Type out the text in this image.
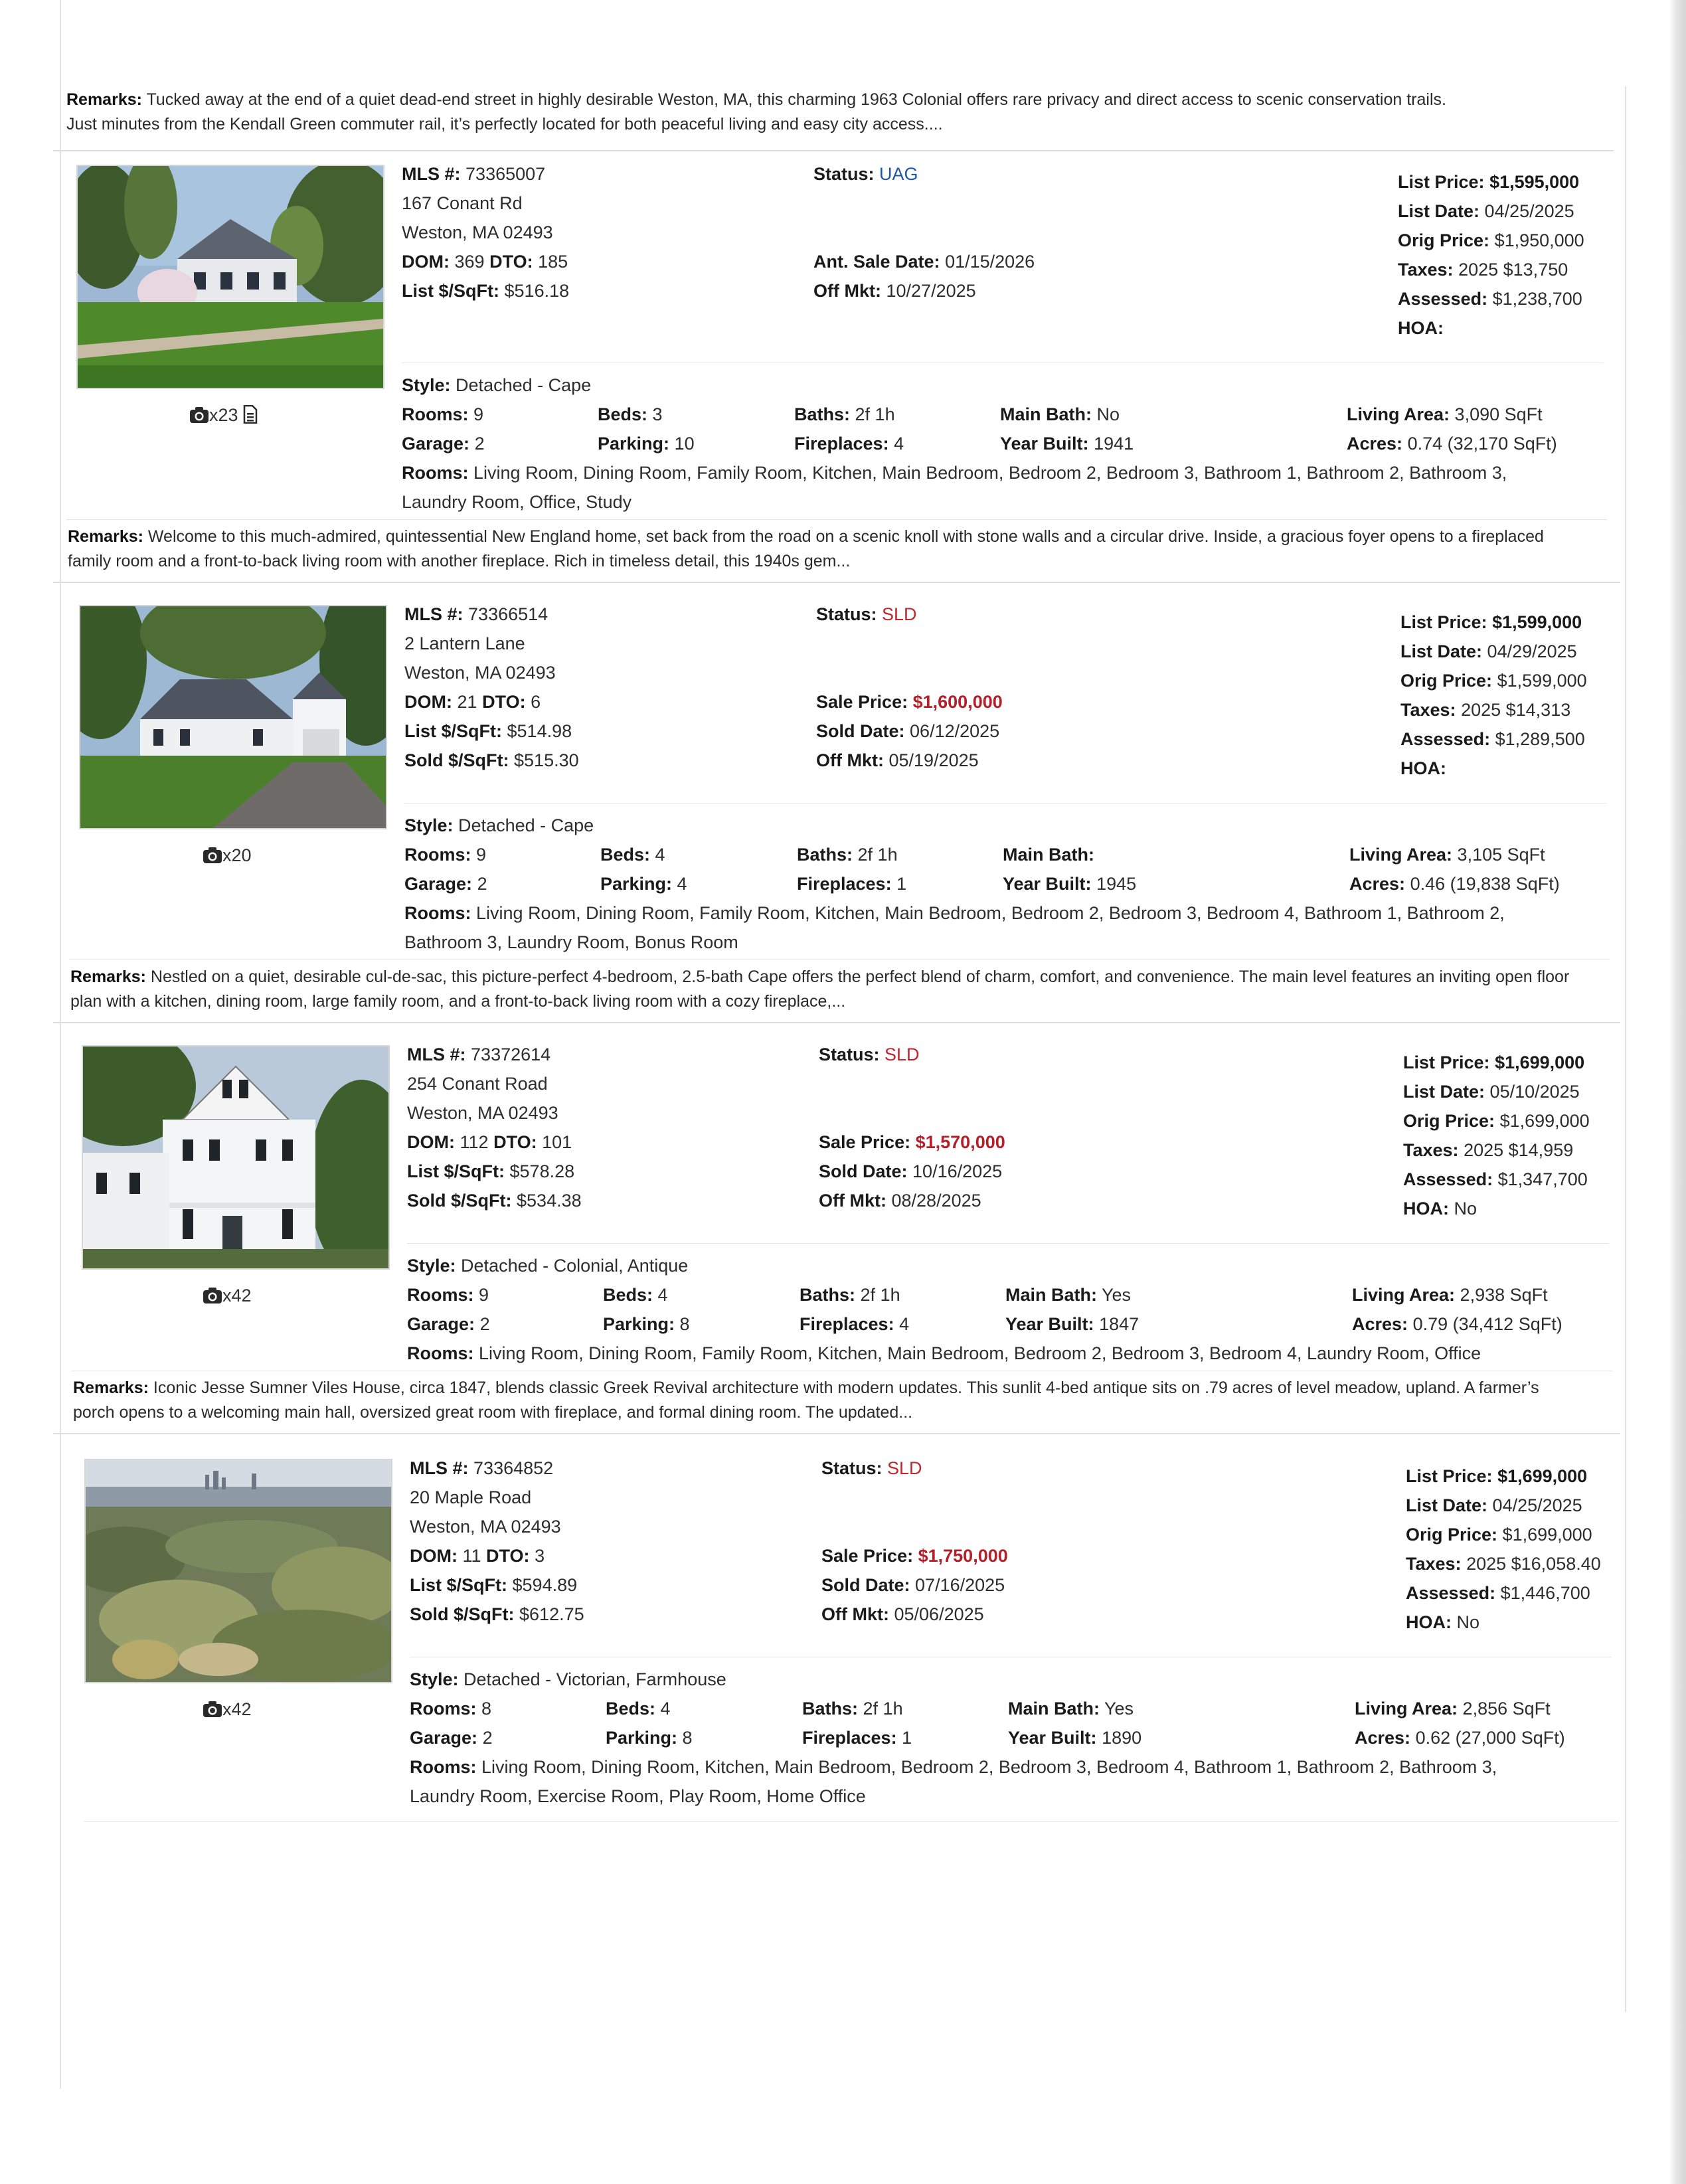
Remarks: Tucked away at the end of a quiet dead-end street in highly desirable Weston, MA, this charming 1963 Colonial offers rare privacy and direct access to scenic conservation trails. Just minutes from the Kendall Green commuter rail, it’s perfectly located for both peaceful living and easy city access....
x23
MLS #: 73365007
167 Conant Rd
Weston, MA 02493
DOM: 369 DTO: 185
List $/SqFt: $516.18
Status: UAG
Ant. Sale Date: 01/15/2026
Off Mkt: 10/27/2025
List Price: $1,595,000
List Date: 04/25/2025
Orig Price: $1,950,000
Taxes: 2025 $13,750
Assessed: $1,238,700
HOA:
Style: Detached - Cape
Rooms: 9	Beds: 3	Baths: 2f 1h	Main Bath: No	Living Area: 3,090 SqFt
Garage: 2	Parking: 10	Fireplaces: 4	Year Built: 1941	Acres: 0.74 (32,170 SqFt)
Rooms: Living Room, Dining Room, Family Room, Kitchen, Main Bedroom, Bedroom 2, Bedroom 3, Bathroom 1, Bathroom 2, Bathroom 3,
Laundry Room, Office, Study
Remarks: Welcome to this much-admired, quintessential New England home, set back from the road on a scenic knoll with stone walls and a circular drive. Inside, a gracious foyer opens to a fireplaced family room and a front-to-back living room with another fireplace. Rich in timeless detail, this 1940s gem...
x20
MLS #: 73366514
2 Lantern Lane
Weston, MA 02493
DOM: 21 DTO: 6
List $/SqFt: $514.98
Sold $/SqFt: $515.30
Status: SLD
Sale Price: $1,600,000
Sold Date: 06/12/2025
Off Mkt: 05/19/2025
List Price: $1,599,000
List Date: 04/29/2025
Orig Price: $1,599,000
Taxes: 2025 $14,313
Assessed: $1,289,500
HOA:
Style: Detached - Cape
Rooms: 9	Beds: 4	Baths: 2f 1h	Main Bath:	Living Area: 3,105 SqFt
Garage: 2	Parking: 4	Fireplaces: 1	Year Built: 1945	Acres: 0.46 (19,838 SqFt)
Rooms: Living Room, Dining Room, Family Room, Kitchen, Main Bedroom, Bedroom 2, Bedroom 3, Bedroom 4, Bathroom 1, Bathroom 2,
Bathroom 3, Laundry Room, Bonus Room
Remarks: Nestled on a quiet, desirable cul-de-sac, this picture-perfect 4-bedroom, 2.5-bath Cape offers the perfect blend of charm, comfort, and convenience. The main level features an inviting open floor plan with a kitchen, dining room, large family room, and a front-to-back living room with a cozy fireplace,...
x42
MLS #: 73372614
254 Conant Road
Weston, MA 02493
DOM: 112 DTO: 101
List $/SqFt: $578.28
Sold $/SqFt: $534.38
Status: SLD
Sale Price: $1,570,000
Sold Date: 10/16/2025
Off Mkt: 08/28/2025
List Price: $1,699,000
List Date: 05/10/2025
Orig Price: $1,699,000
Taxes: 2025 $14,959
Assessed: $1,347,700
HOA: No
Style: Detached - Colonial, Antique
Rooms: 9	Beds: 4	Baths: 2f 1h	Main Bath: Yes	Living Area: 2,938 SqFt
Garage: 2	Parking: 8	Fireplaces: 4	Year Built: 1847	Acres: 0.79 (34,412 SqFt)
Rooms: Living Room, Dining Room, Family Room, Kitchen, Main Bedroom, Bedroom 2, Bedroom 3, Bedroom 4, Laundry Room, Office
Remarks: Iconic Jesse Sumner Viles House, circa 1847, blends classic Greek Revival architecture with modern updates. This sunlit 4-bed antique sits on .79 acres of level meadow, upland. A farmer’s porch opens to a welcoming main hall, oversized great room with fireplace, and formal dining room. The updated...
x42
MLS #: 73364852
20 Maple Road
Weston, MA 02493
DOM: 11 DTO: 3
List $/SqFt: $594.89
Sold $/SqFt: $612.75
Status: SLD
Sale Price: $1,750,000
Sold Date: 07/16/2025
Off Mkt: 05/06/2025
List Price: $1,699,000
List Date: 04/25/2025
Orig Price: $1,699,000
Taxes: 2025 $16,058.40
Assessed: $1,446,700
HOA: No
Style: Detached - Victorian, Farmhouse
Rooms: 8	Beds: 4	Baths: 2f 1h	Main Bath: Yes	Living Area: 2,856 SqFt
Garage: 2	Parking: 8	Fireplaces: 1	Year Built: 1890	Acres: 0.62 (27,000 SqFt)
Rooms: Living Room, Dining Room, Kitchen, Main Bedroom, Bedroom 2, Bedroom 3, Bedroom 4, Bathroom 1, Bathroom 2, Bathroom 3,
Laundry Room, Exercise Room, Play Room, Home Office
